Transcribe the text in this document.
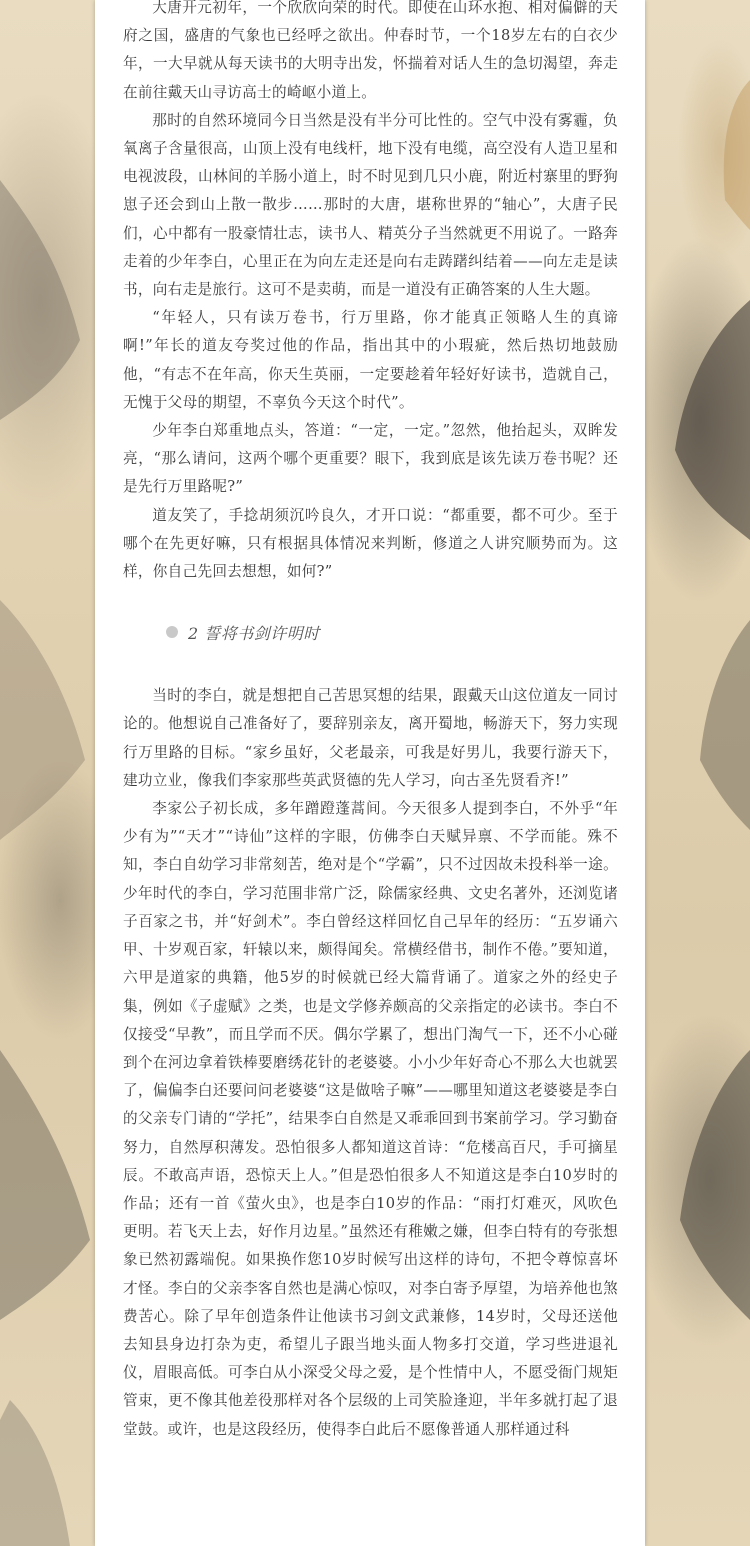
大唐开元初年，一个欣欣向荣的时代。即使在山环水抱、相对偏僻的天府之国，盛唐的气象也已经呼之欲出。仲春时节，一个18岁左右的白衣少年，一大早就从每天读书的大明寺出发，怀揣着对话人生的急切渴望，奔走在前往戴天山寻访高士的崎岖小道上。

那时的自然环境同今日当然是没有半分可比性的。空气中没有雾霾，负氧离子含量很高，山顶上没有电线杆，地下没有电缆，高空没有人造卫星和电视波段，山林间的羊肠小道上，时不时见到几只小鹿，附近村寨里的野狗崽子还会到山上散一散步……那时的大唐，堪称世界的“轴心”，大唐子民们，心中都有一股豪情壮志，读书人、精英分子当然就更不用说了。一路奔走着的少年李白，心里正在为向左走还是向右走踌躇纠结着——向左走是读书，向右走是旅行。这可不是卖萌，而是一道没有正确答案的人生大题。

“年轻人，只有读万卷书，行万里路，你才能真正领略人生的真谛啊!”年长的道友夸奖过他的作品，指出其中的小瑕疵，然后热切地鼓励他，“有志不在年高，你天生英丽，一定要趁着年轻好好读书，造就自己，无愧于父母的期望，不辜负今天这个时代”。

少年李白郑重地点头，答道：“一定，一定。”忽然，他抬起头，双眸发亮，“那么请问，这两个哪个更重要？眼下，我到底是该先读万卷书呢？还是先行万里路呢?”

道友笑了，手捻胡须沉吟良久，才开口说：“都重要，都不可少。至于哪个在先更好嘛，只有根据具体情况来判断，修道之人讲究顺势而为。这样，你自己先回去想想，如何?”

2 誓将书剑许明时

当时的李白，就是想把自己苦思冥想的结果，跟戴天山这位道友一同讨论的。他想说自己准备好了，要辞别亲友，离开蜀地，畅游天下，努力实现行万里路的目标。“家乡虽好，父老最亲，可我是好男儿，我要行游天下，建功立业，像我们李家那些英武贤德的先人学习，向古圣先贤看齐!”

李家公子初长成，多年蹭蹬蓬蒿间。今天很多人提到李白，不外乎“年少有为”“天才”“诗仙”这样的字眼，仿佛李白天赋异禀、不学而能。殊不知，李白自幼学习非常刻苦，绝对是个“学霸”，只不过因故未投科举一途。少年时代的李白，学习范围非常广泛，除儒家经典、文史名著外，还浏览诸子百家之书，并“好剑术”。李白曾经这样回忆自己早年的经历：“五岁诵六甲、十岁观百家，轩辕以来，颇得闻矣。常横经借书，制作不倦。”要知道，六甲是道家的典籍，他5岁的时候就已经大篇背诵了。道家之外的经史子集，例如《子虚赋》之类，也是文学修养颇高的父亲指定的必读书。李白不仅接受“早教”，而且学而不厌。偶尔学累了，想出门淘气一下，还不小心碰到个在河边拿着铁棒要磨绣花针的老婆婆。小小少年好奇心不那么大也就罢了，偏偏李白还要问问老婆婆“这是做啥子嘛”——哪里知道这老婆婆是李白的父亲专门请的“学托”，结果李白自然是又乖乖回到书案前学习。学习勤奋努力，自然厚积薄发。恐怕很多人都知道这首诗：“危楼高百尺，手可摘星辰。不敢高声语，恐惊天上人。”但是恐怕很多人不知道这是李白10岁时的作品；还有一首《萤火虫》，也是李白10岁的作品：“雨打灯难灭，风吹色更明。若飞天上去，好作月边星。”虽然还有稚嫩之嫌，但李白特有的夸张想象已然初露端倪。如果换作您10岁时候写出这样的诗句，不把令尊惊喜坏才怪。李白的父亲李客自然也是满心惊叹，对李白寄予厚望，为培养他也煞费苦心。除了早年创造条件让他读书习剑文武兼修，14岁时，父母还送他去知县身边打杂为吏，希望儿子跟当地头面人物多打交道，学习些进退礼仪，眉眼高低。可李白从小深受父母之爱，是个性情中人，不愿受衙门规矩管束，更不像其他差役那样对各个层级的上司笑脸逢迎，半年多就打起了退堂鼓。或许，也是这段经历，使得李白此后不愿像普通人那样通过科
